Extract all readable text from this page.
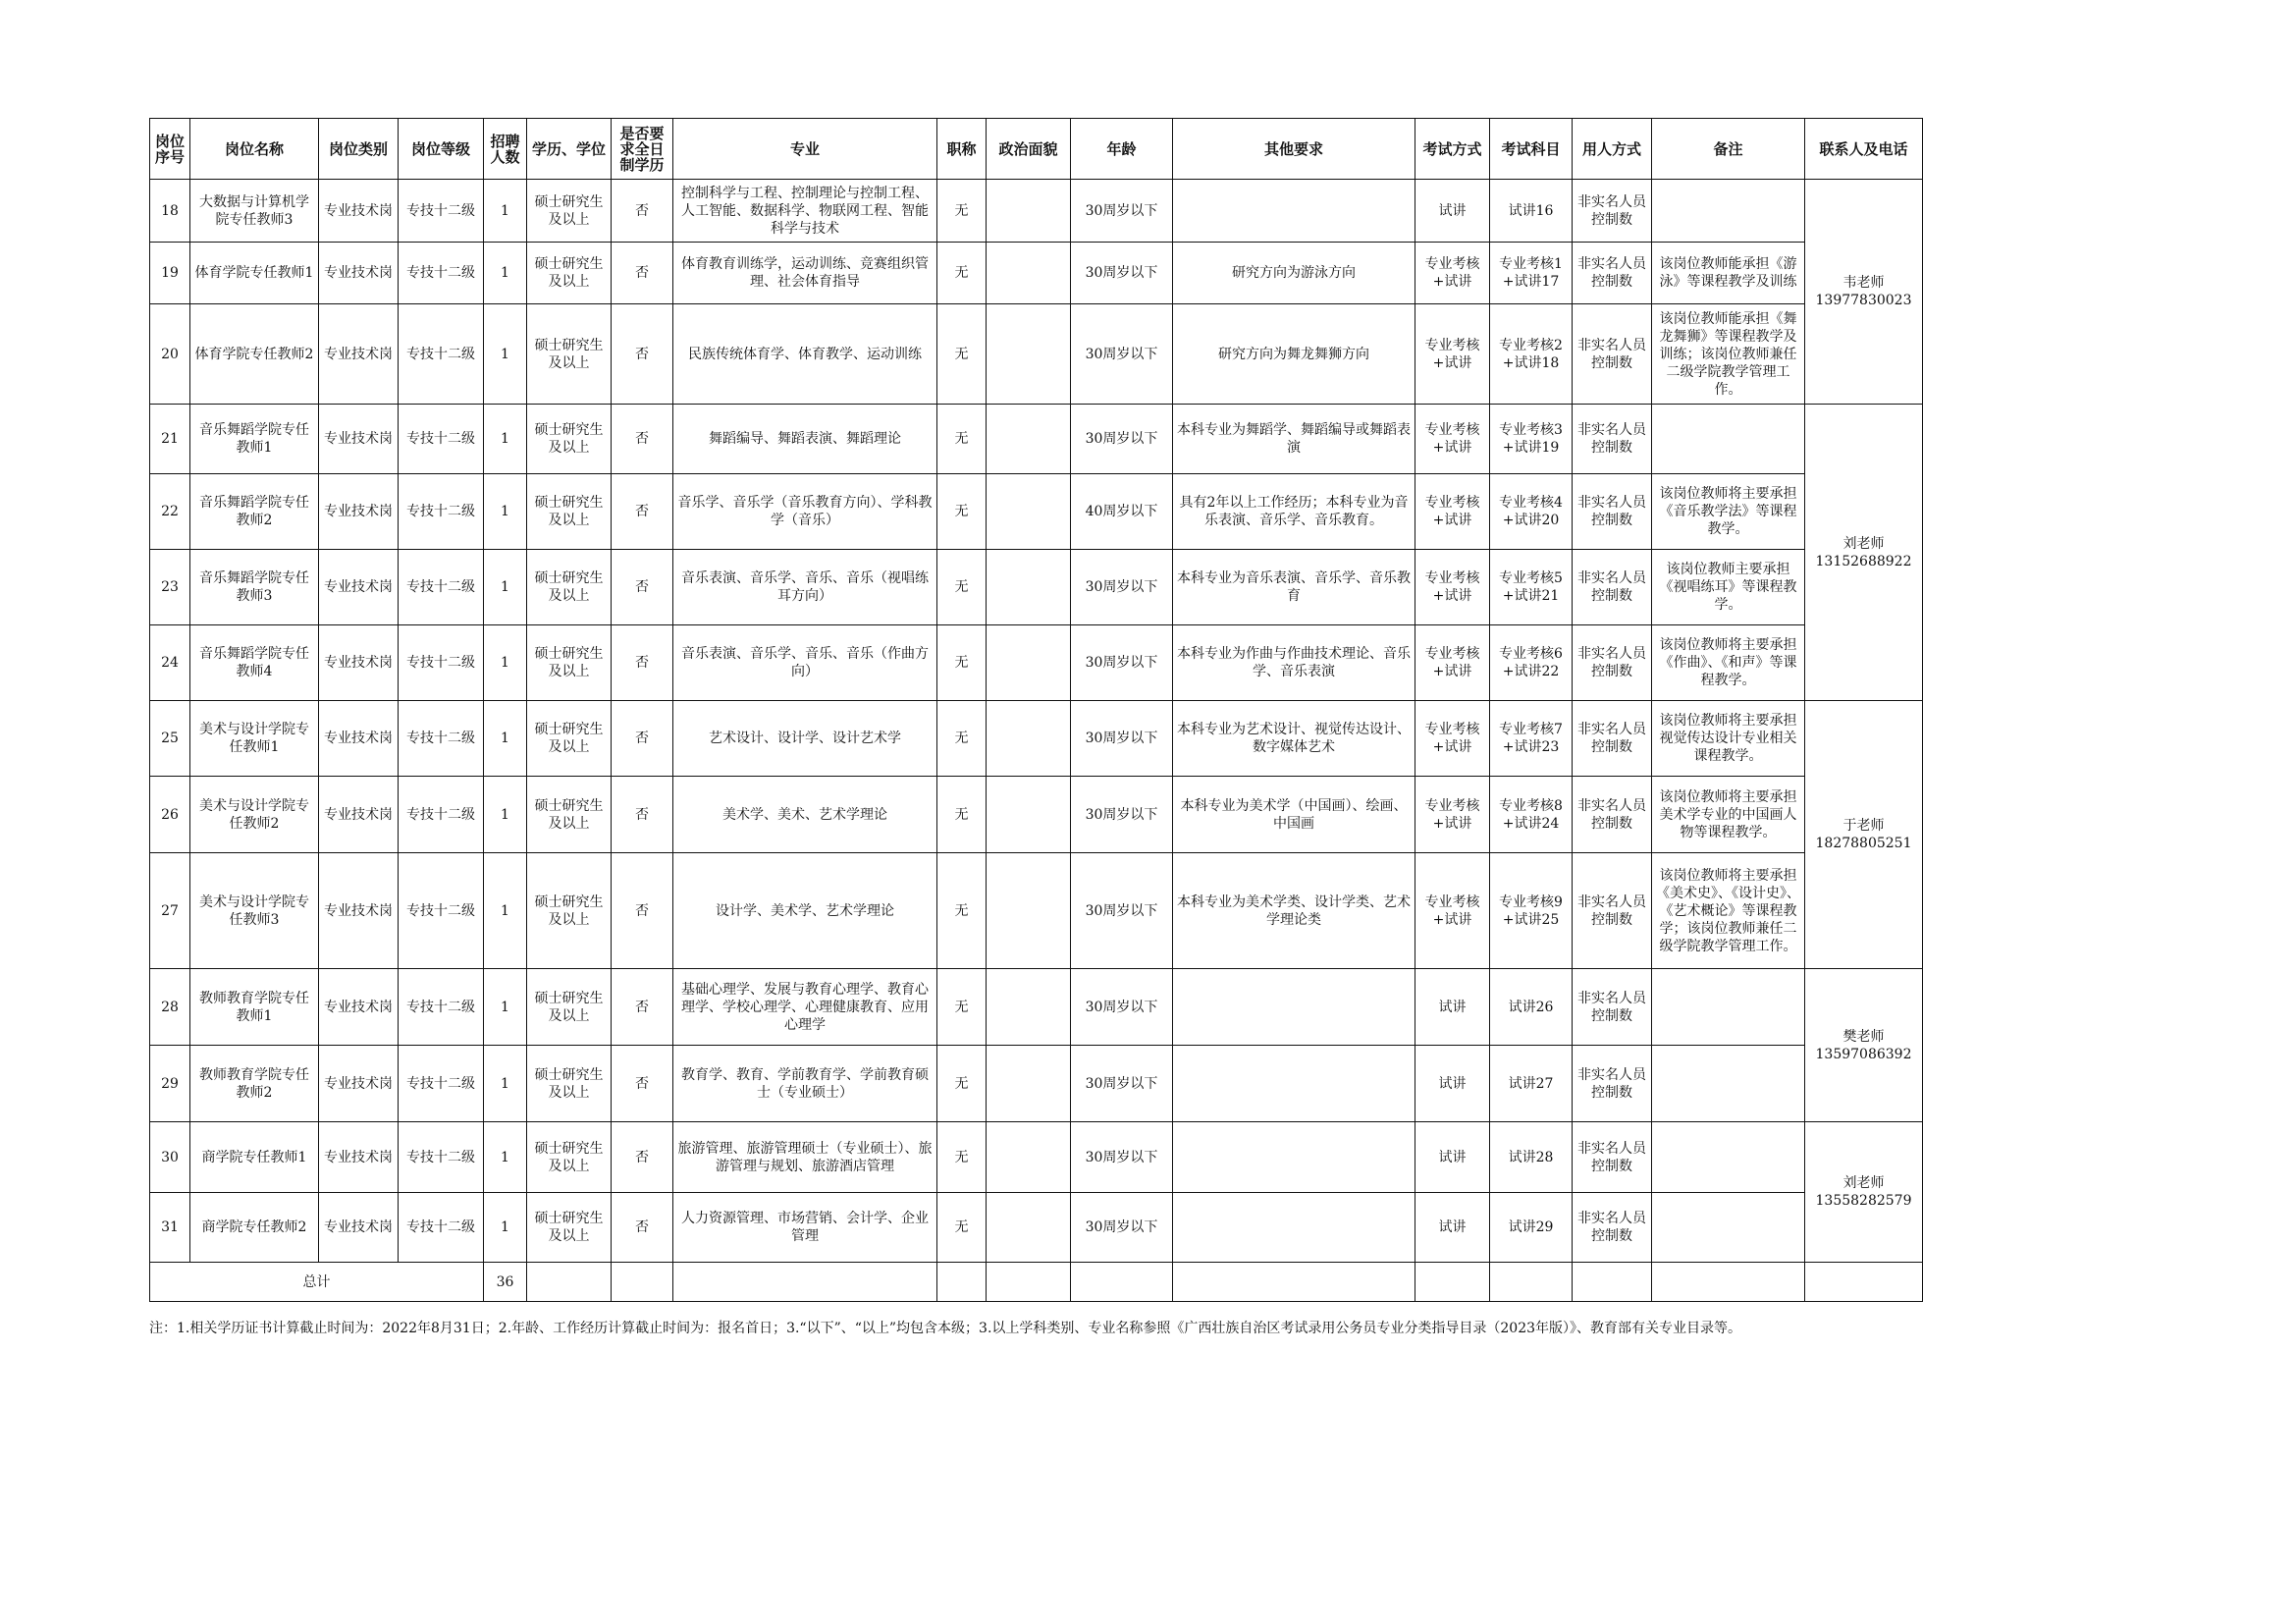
岗位序号	岗位名称	岗位类别	岗位等级	招聘人数	学历、学位	是否要求全日制学历	专业	职称	政治面貌	年龄	其他要求	考试方式	考试科目	用人方式	备注	联系人及电话
18	大数据与计算机学院专任教师3	专业技术岗	专技十二级	1	硕士研究生及以上	否	控制科学与工程、控制理论与控制工程、人工智能、数据科学、物联网工程、智能科学与技术	无		30周岁以下		试讲	试讲16	非实名人员控制数		韦老师
13977830023

19	体育学院专任教师1	专业技术岗	专技十二级	1	硕士研究生及以上	否	体育教育训练学，运动训练、竞赛组织管理、社会体育指导	无		30周岁以下	研究方向为游泳方向	专业考核+试讲	专业考核1+试讲17	非实名人员控制数	该岗位教师能承担《游泳》等课程教学及训练	
20	体育学院专任教师2	专业技术岗	专技十二级	1	硕士研究生及以上	否	民族传统体育学、体育教学、运动训练	无		30周岁以下	研究方向为舞龙舞狮方向	专业考核+试讲	专业考核2+试讲18	非实名人员控制数	该岗位教师能承担《舞龙舞狮》等课程教学及训练；该岗位教师兼任二级学院教学管理工作。	
21	音乐舞蹈学院专任教师1	专业技术岗	专技十二级	1	硕士研究生及以上	否	舞蹈编导、舞蹈表演、舞蹈理论	无		30周岁以下	本科专业为舞蹈学、舞蹈编导或舞蹈表演	专业考核+试讲	专业考核3+试讲19	非实名人员控制数		刘老师
13152688922

22	音乐舞蹈学院专任教师2	专业技术岗	专技十二级	1	硕士研究生及以上	否	音乐学、音乐学（音乐教育方向）、学科教学（音乐）	无		40周岁以下	具有2年以上工作经历；本科专业为音乐表演、音乐学、音乐教育。	专业考核+试讲	专业考核4+试讲20	非实名人员控制数	该岗位教师将主要承担《音乐教学法》等课程教学。	
23	音乐舞蹈学院专任教师3	专业技术岗	专技十二级	1	硕士研究生及以上	否	音乐表演、音乐学、音乐、音乐（视唱练耳方向）	无		30周岁以下	本科专业为音乐表演、音乐学、音乐教育	专业考核+试讲	专业考核5+试讲21	非实名人员控制数	该岗位教师主要承担《视唱练耳》等课程教学。	
24	音乐舞蹈学院专任教师4	专业技术岗	专技十二级	1	硕士研究生及以上	否	音乐表演、音乐学、音乐、音乐（作曲方向）	无		30周岁以下	本科专业为作曲与作曲技术理论、音乐学、音乐表演	专业考核+试讲	专业考核6+试讲22	非实名人员控制数	该岗位教师将主要承担《作曲》、《和声》等课程教学。	
25	美术与设计学院专任教师1	专业技术岗	专技十二级	1	硕士研究生及以上	否	艺术设计、设计学、设计艺术学	无		30周岁以下	本科专业为艺术设计、视觉传达设计、数字媒体艺术	专业考核+试讲	专业考核7+试讲23	非实名人员控制数	该岗位教师将主要承担视觉传达设计专业相关课程教学。	于老师
18278805251

26	美术与设计学院专任教师2	专业技术岗	专技十二级	1	硕士研究生及以上	否	美术学、美术、艺术学理论	无		30周岁以下	本科专业为美术学（中国画）、绘画、中国画	专业考核+试讲	专业考核8+试讲24	非实名人员控制数	该岗位教师将主要承担美术学专业的中国画人物等课程教学。	
27	美术与设计学院专任教师3	专业技术岗	专技十二级	1	硕士研究生及以上	否	设计学、美术学、艺术学理论	无		30周岁以下	本科专业为美术学类、设计学类、艺术学理论类	专业考核+试讲	专业考核9+试讲25	非实名人员控制数	该岗位教师将主要承担《美术史》、《设计史》、《艺术概论》等课程教学；该岗位教师兼任二级学院教学管理工作。	
28	教师教育学院专任教师1	专业技术岗	专技十二级	1	硕士研究生及以上	否	基础心理学、发展与教育心理学、教育心理学、学校心理学、心理健康教育、应用心理学	无		30周岁以下		试讲	试讲26	非实名人员控制数		樊老师
13597086392

29	教师教育学院专任教师2	专业技术岗	专技十二级	1	硕士研究生及以上	否	教育学、教育、学前教育学、学前教育硕士（专业硕士）	无		30周岁以下		试讲	试讲27	非实名人员控制数		
30	商学院专任教师1	专业技术岗	专技十二级	1	硕士研究生及以上	否	旅游管理、旅游管理硕士（专业硕士）、旅游管理与规划、旅游酒店管理	无		30周岁以下		试讲	试讲28	非实名人员控制数		刘老师
13558282579

31	商学院专任教师2	专业技术岗	专技十二级	1	硕士研究生及以上	否	人力资源管理、市场营销、会计学、企业管理	无		30周岁以下		试讲	试讲29	非实名人员控制数		
总计				36												
注：1.相关学历证书计算截止时间为：2022年8月31日；2.年龄、工作经历计算截止时间为：报名首日；3.“以下”、“以上”均包含本级；3.以上学科类别、专业名称参照《广西壮族自治区考试录用公务员专业分类指导目录（2023年版）》、教育部有关专业目录等。
